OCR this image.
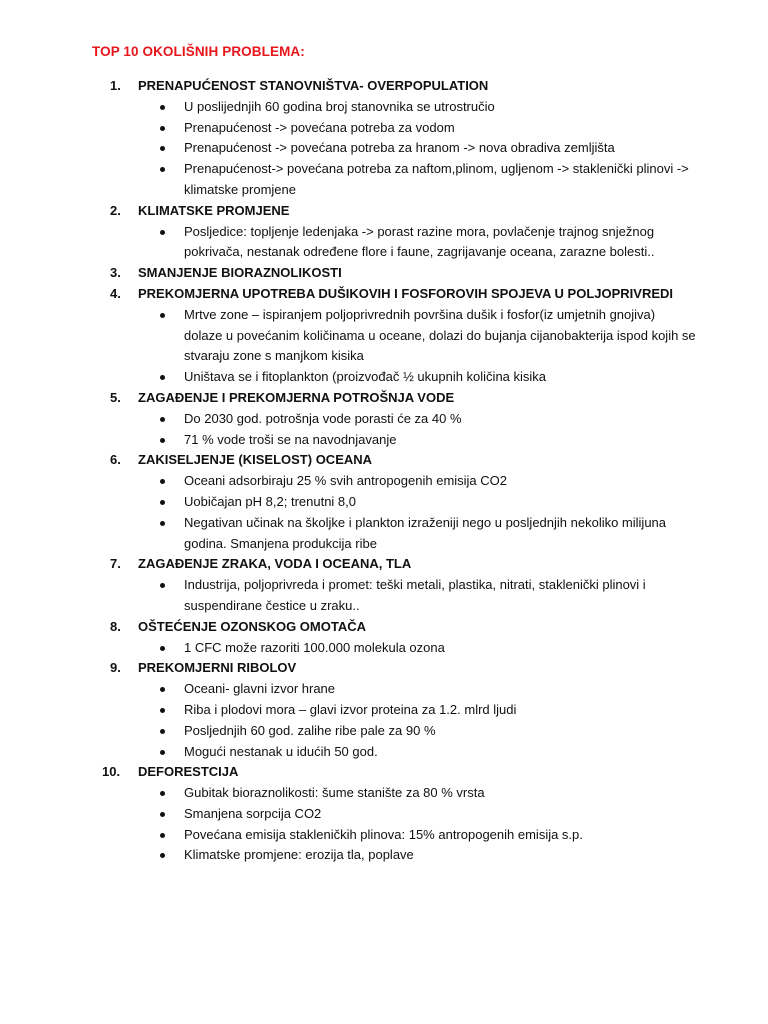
TOP 10 OKOLIŠNIH PROBLEMA:
1. PRENAPUĆENOST STANOVNIŠTVA- OVERPOPULATION
U poslijednjih 60 godina broj stanovnika se utrostručio
Prenapućenost -> povećana potreba za vodom
Prenapućenost -> povećana potreba za hranom -> nova obradiva zemljišta
Prenapućenost-> povećana potreba za naftom,plinom, ugljenom -> staklenički plinovi -> klimatske promjene
2. KLIMATSKE PROMJENE
Posljedice: topljenje ledenjaka -> porast razine mora, povlačenje trajnog snježnog pokrivača, nestanak određene flore i faune, zagrijavanje oceana, zarazne bolesti..
3. SMANJENJE BIORAZNOLIKOSTI
4. PREKOMJERNA UPOTREBA DUŠIKOVIH I FOSFOROVIH SPOJEVA U POLJOPRIVREDI
Mrtve zone – ispiranjem poljoprivrednih površina dušik i fosfor(iz umjetnih gnojiva) dolaze u povećanim količinama u oceane, dolazi do bujanja cijanobakterija ispod kojih se stvaraju zone s manjkom kisika
Uništava se i fitoplankton (proizvođač ½ ukupnih količina kisika
5. ZAGAĐENJE I PREKOMJERNA POTROŠNJA VODE
Do 2030 god. potrošnja vode porasti će za 40 %
71 % vode troši se na navodnjavanje
6. ZAKISELJENJE (KISELOST) OCEANA
Oceani adsorbiraju 25 % svih antropogenih emisija CO2
Uobičajan pH 8,2; trenutni 8,0
Negativan učinak na školjke i plankton izraženiji nego u posljednjih nekoliko milijuna godina. Smanjena produkcija ribe
7. ZAGAĐENJE ZRAKA, VODA I OCEANA, TLA
Industrija, poljoprivreda i promet: teški metali, plastika, nitrati, staklenički plinovi i suspendirane čestice u zraku..
8. OŠTEĆENJE OZONSKOG OMOTAČA
1 CFC može razoriti 100.000 molekula ozona
9. PREKOMJERNI RIBOLOV
Oceani- glavni izvor hrane
Riba i plodovi mora – glavi izvor proteina za 1.2. mlrd ljudi
Posljednjih 60 god. zalihe ribe pale za 90 %
Mogući nestanak u idućih 50 god.
10. DEFORESTCIJA
Gubitak bioraznolikosti: šume stanište za 80 % vrsta
Smanjena sorpcija CO2
Povećana emisija stakleničkih plinova: 15% antropogenih emisija s.p.
Klimatske promjene: erozija tla, poplave
